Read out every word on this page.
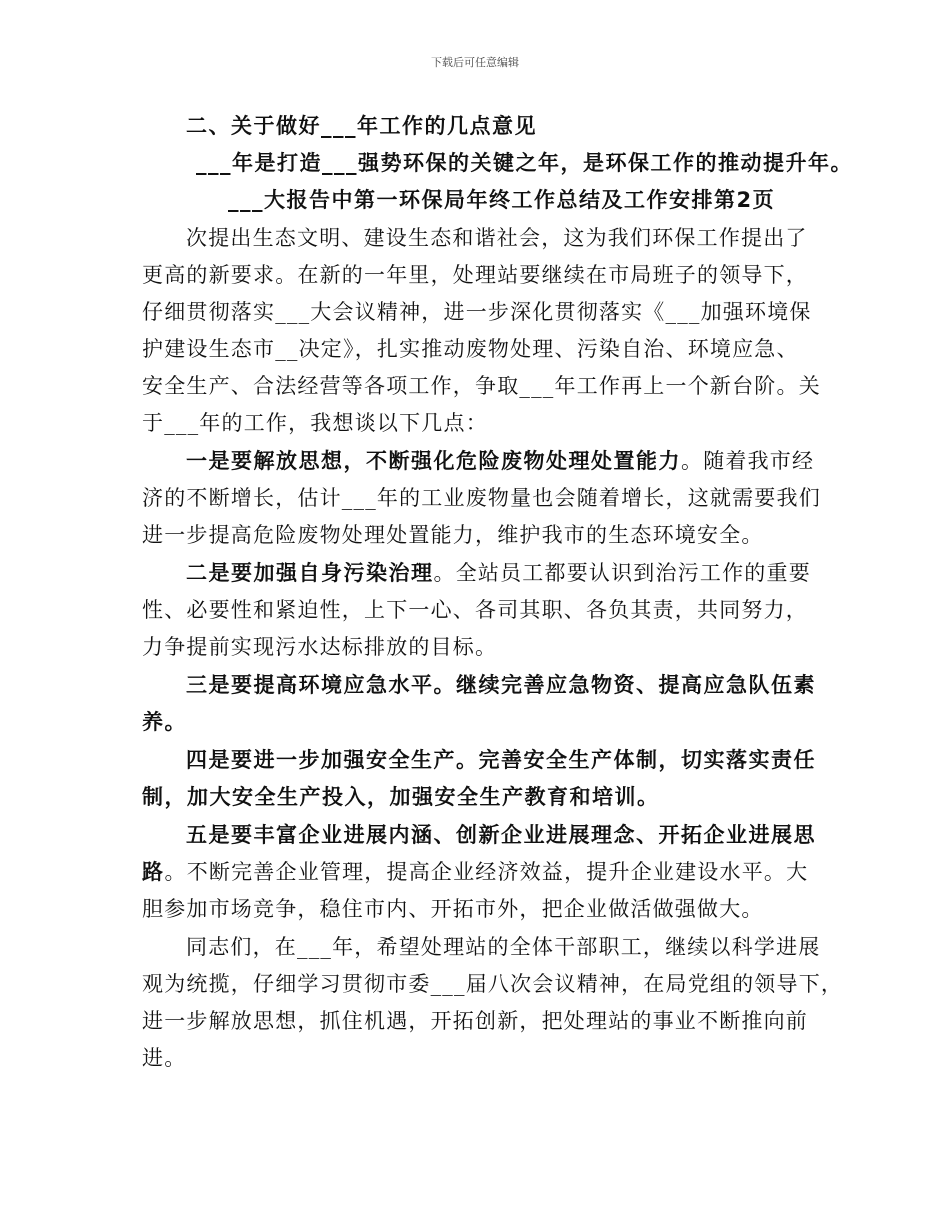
下载后可任意编辑
二、关于做好___年工作的几点意见
___年是打造___强势环保的关键之年，是环保工作的推动提升年。
___大报告中第一环保局年终工作总结及工作安排第2页
次提出生态文明、建设生态和谐社会，这为我们环保工作提出了
更高的新要求。在新的一年里，处理站要继续在市局班子的领导下，
仔细贯彻落实___大会议精神，进一步深化贯彻落实《___加强环境保
护建设生态市__决定》，扎实推动废物处理、污染自治、环境应急、
安全生产、合法经营等各项工作，争取___年工作再上一个新台阶。关
于___年的工作，我想谈以下几点：
一是要解放思想，不断强化危险废物处理处置能力。随着我市经
济的不断增长，估计___年的工业废物量也会随着增长，这就需要我们
进一步提高危险废物处理处置能力，维护我市的生态环境安全。
二是要加强自身污染治理。全站员工都要认识到治污工作的重要
性、必要性和紧迫性，上下一心、各司其职、各负其责，共同努力，
力争提前实现污水达标排放的目标。
三是要提高环境应急水平。继续完善应急物资、提高应急队伍素
养。
四是要进一步加强安全生产。完善安全生产体制，切实落实责任
制，加大安全生产投入，加强安全生产教育和培训。
五是要丰富企业进展内涵、创新企业进展理念、开拓企业进展思
路。不断完善企业管理，提高企业经济效益，提升企业建设水平。大
胆参加市场竞争，稳住市内、开拓市外，把企业做活做强做大。
同志们，在___年，希望处理站的全体干部职工，继续以科学进展
观为统揽，仔细学习贯彻市委___届八次会议精神，在局党组的领导下，
进一步解放思想，抓住机遇，开拓创新，把处理站的事业不断推向前
进。
